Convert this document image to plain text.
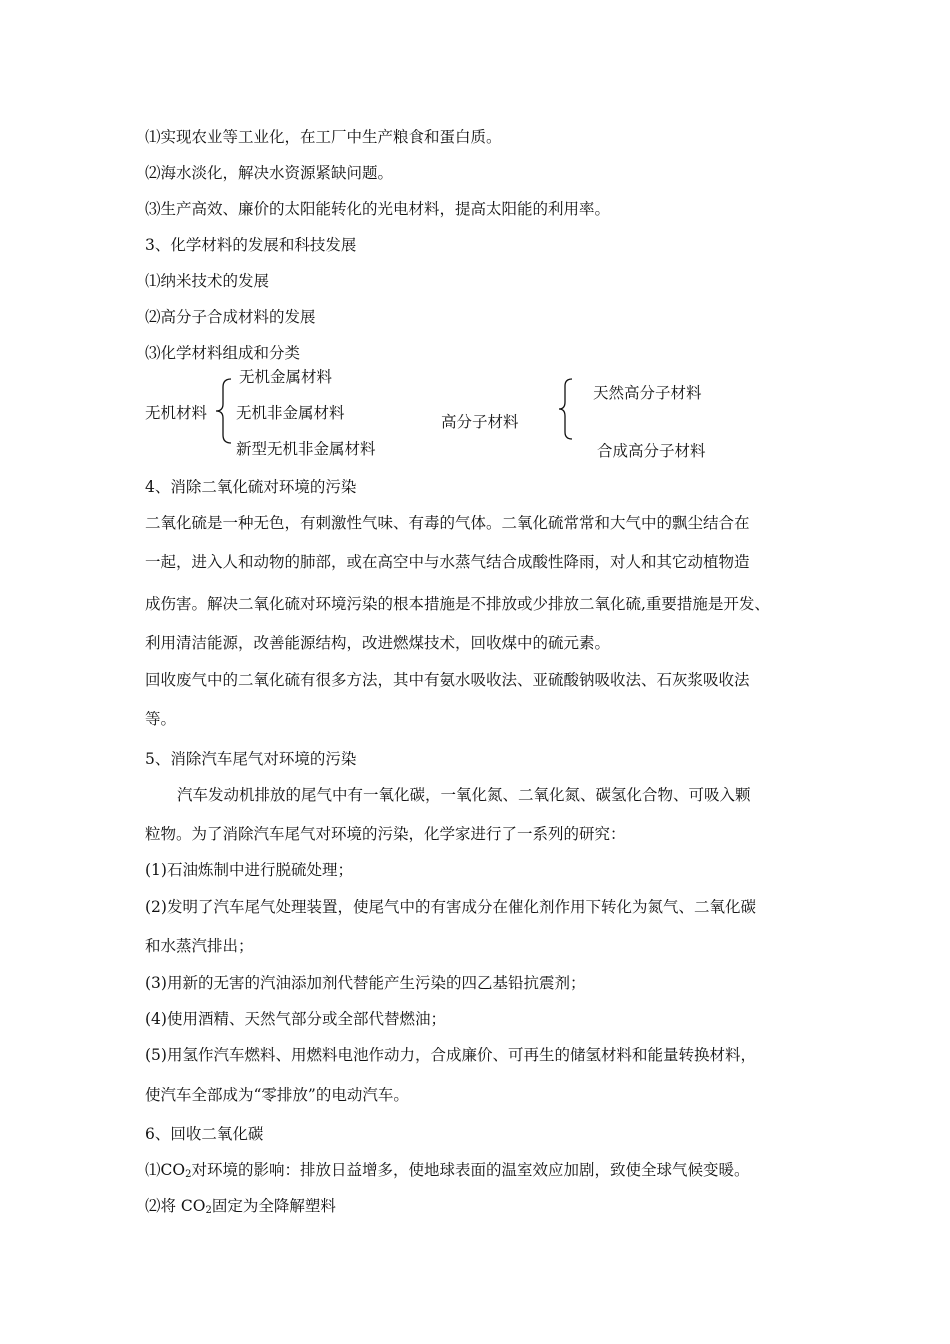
⑴实现农业等工业化，在工厂中生产粮食和蛋白质。
⑵海水淡化，解决水资源紧缺问题。
⑶生产高效、廉价的太阳能转化的光电材料，提高太阳能的利用率。
3、化学材料的发展和科技发展
⑴纳米技术的发展
⑵高分子合成材料的发展
⑶化学材料组成和分类
无机材料
无机金属材料
无机非金属材料
新型无机非金属材料
高分子材料
天然高分子材料
合成高分子材料
4、消除二氧化硫对环境的污染
二氧化硫是一种无色，有刺激性气味、有毒的气体。二氧化硫常常和大气中的飘尘结合在
一起，进入人和动物的肺部，或在高空中与水蒸气结合成酸性降雨，对人和其它动植物造
成伤害。解决二氧化硫对环境污染的根本措施是不排放或少排放二氧化硫,重要措施是开发、
利用清洁能源，改善能源结构，改进燃煤技术，回收煤中的硫元素。
回收废气中的二氧化硫有很多方法，其中有氨水吸收法、亚硫酸钠吸收法、石灰浆吸收法
等。
5、消除汽车尾气对环境的污染
汽车发动机排放的尾气中有一氧化碳，一氧化氮、二氧化氮、碳氢化合物、可吸入颗
粒物。为了消除汽车尾气对环境的污染，化学家进行了一系列的研究：
(1)石油炼制中进行脱硫处理；
(2)发明了汽车尾气处理装置，使尾气中的有害成分在催化剂作用下转化为氮气、二氧化碳
和水蒸汽排出；
(3)用新的无害的汽油添加剂代替能产生污染的四乙基铅抗震剂；
(4)使用酒精、天然气部分或全部代替燃油；
(5)用氢作汽车燃料、用燃料电池作动力，合成廉价、可再生的储氢材料和能量转换材料，
使汽车全部成为“零排放”的电动汽车。
6、回收二氧化碳
$⑴CO_2$对环境的影响：排放日益增多，使地球表面的温室效应加剧，致使全球气候变暖。
⑵将 $CO_2$固定为全降解塑料
